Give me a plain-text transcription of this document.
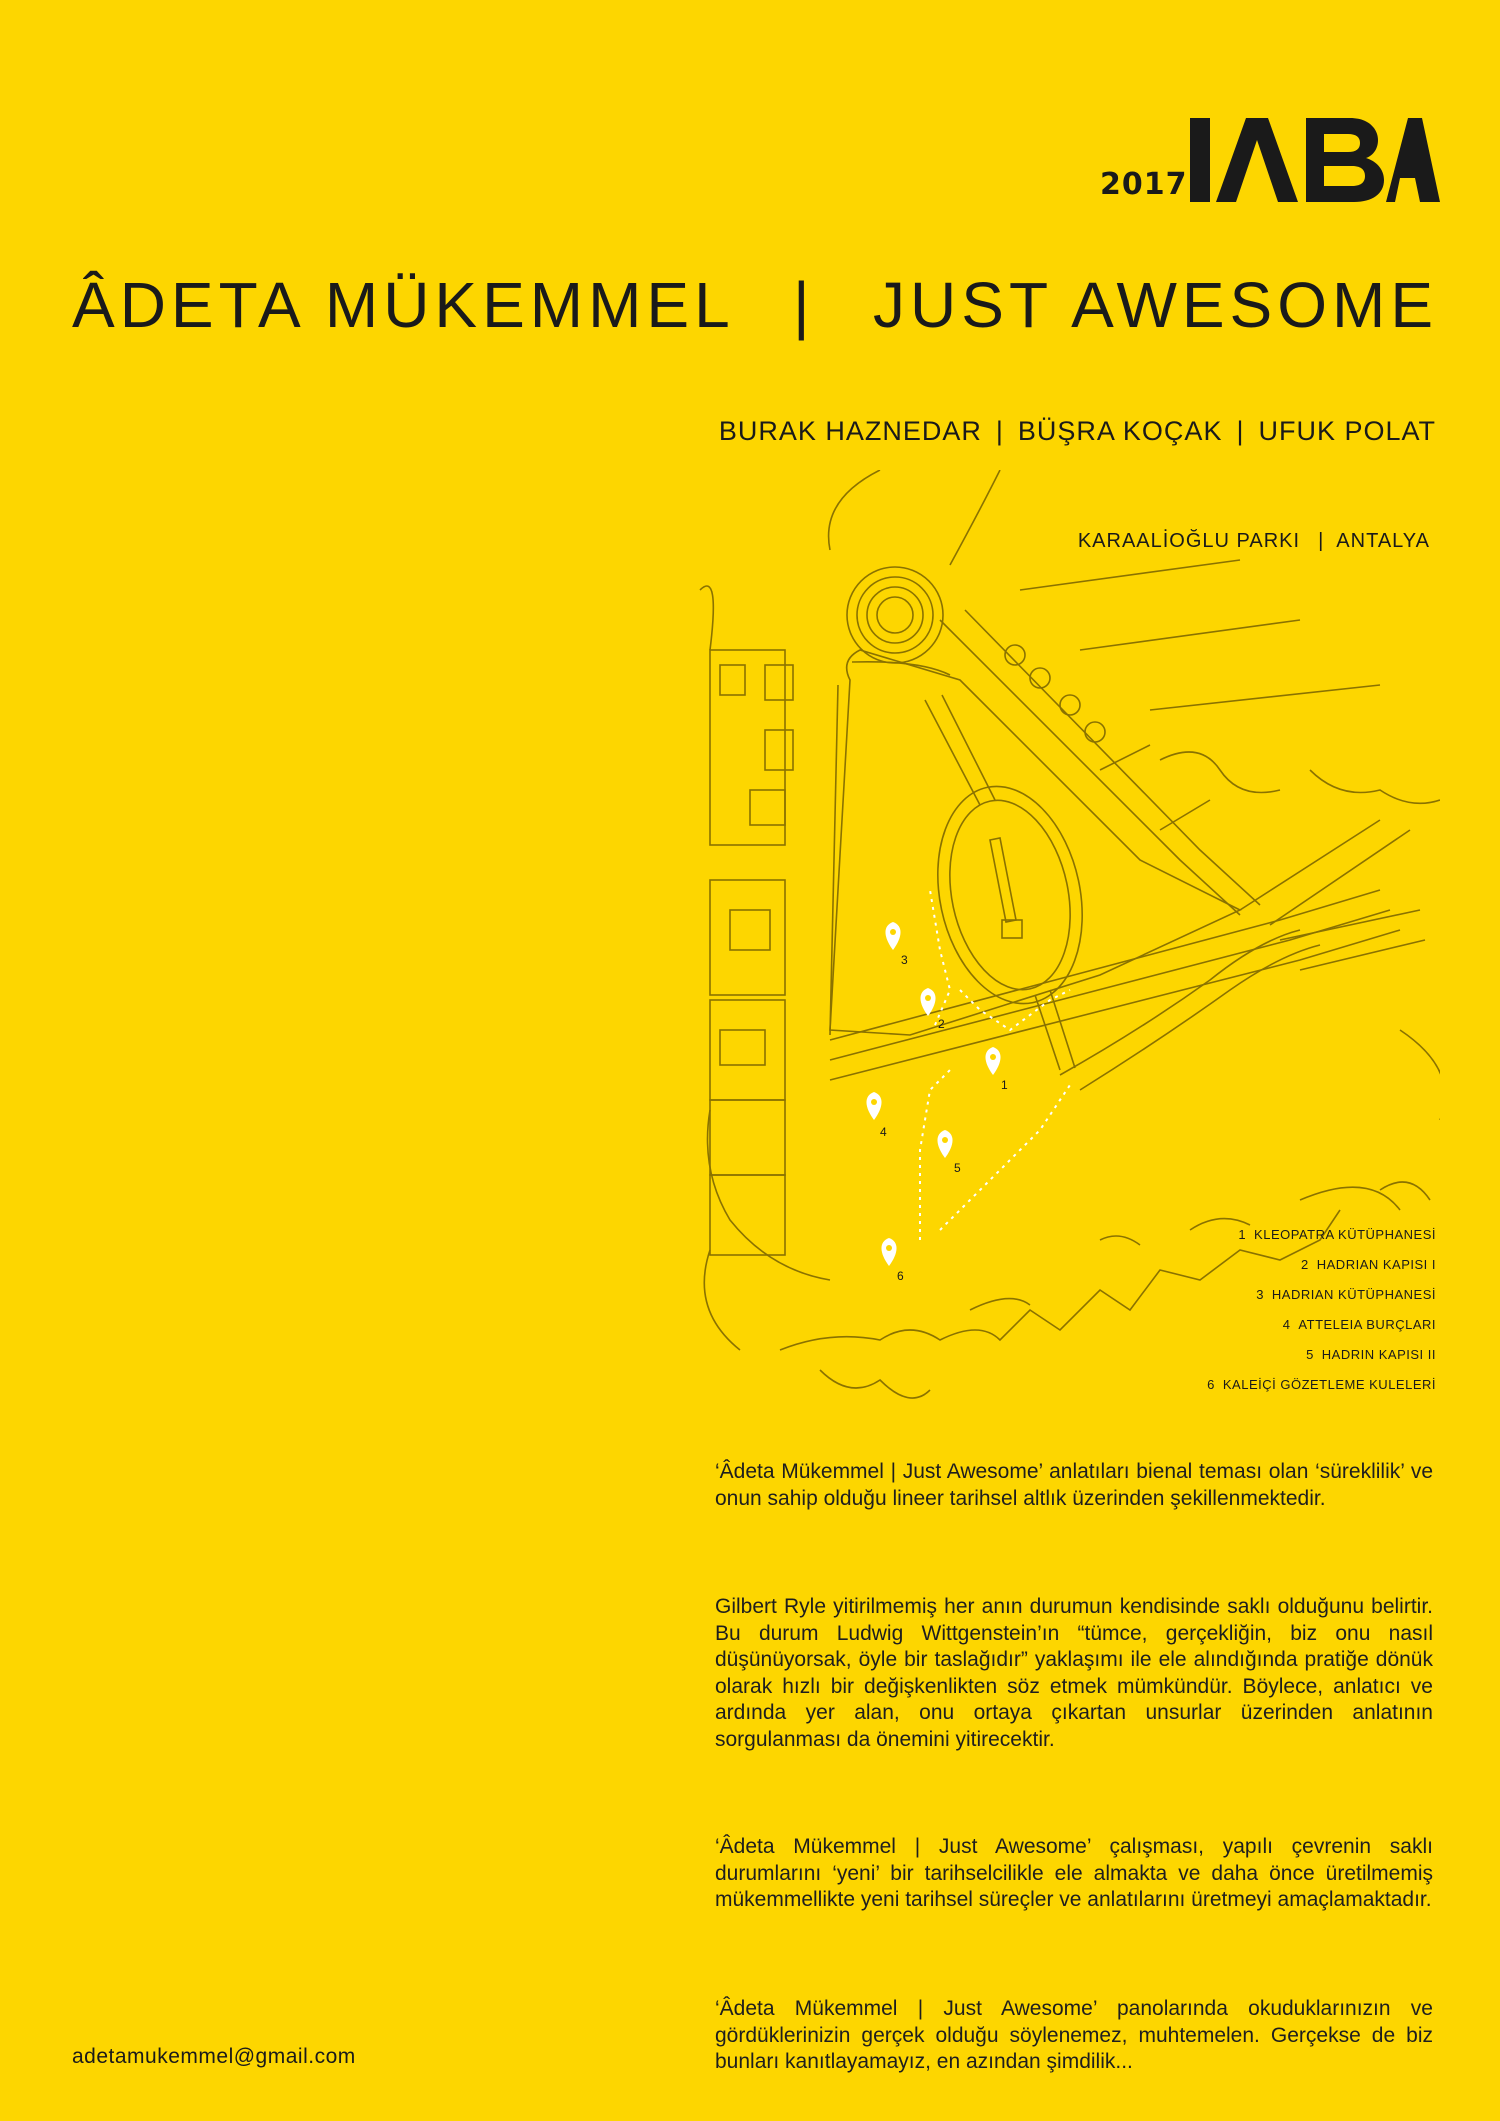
2017
ÂDETA MÜKEMMEL | JUST AWESOME
BURAK HAZNEDAR | BÜŞRA KOÇAK | UFUK POLAT
KARAALİOĞLU PARKI | ANTALYA
1
2
3
4
5
6
1 KLEOPATRA KÜTÜPHANESİ
2 HADRIAN KAPISI I
3 HADRIAN KÜTÜPHANESİ
4 ATTELEIA BURÇLARI
5 HADRIN KAPISI II
6 KALEİÇİ GÖZETLEME KULELERİ

‘Âdeta Mükemmel | Just Awesome’ anlatıları bienal teması olan ‘süreklilik’ ve onun sahip olduğu lineer tarihsel altlık üzerinden şekillenmektedir.

Gilbert Ryle yitirilmemiş her anın durumun kendisinde saklı olduğunu belirtir. Bu durum Ludwig Wittgenstein’ın “tümce, gerçekliğin, biz onu nasıl düşünüyorsak, öyle bir taslağıdır” yaklaşımı ile ele alındığında pratiğe dönük olarak hızlı bir değişkenlikten söz etmek mümkündür. Böylece, anlatıcı ve ardında yer alan, onu ortaya çıkartan unsurlar üzerinden anlatının sorgulanması da önemini yitirecektir.

‘Âdeta Mükemmel | Just Awesome’ çalışması, yapılı çevrenin saklı durumlarını ‘yeni’ bir tarihselcilikle ele almakta ve daha önce üretilmemiş mükemmellikte yeni tarihsel süreçler ve anlatılarını üretmeyi amaçlamaktadır.

‘Âdeta Mükemmel | Just Awesome’ panolarında okuduklarınızın ve gördüklerinizin gerçek olduğu söylenemez, muhtemelen. Gerçekse de biz bunları kanıtlayamayız, en azından şimdilik...

adetamukemmel@gmail.com
